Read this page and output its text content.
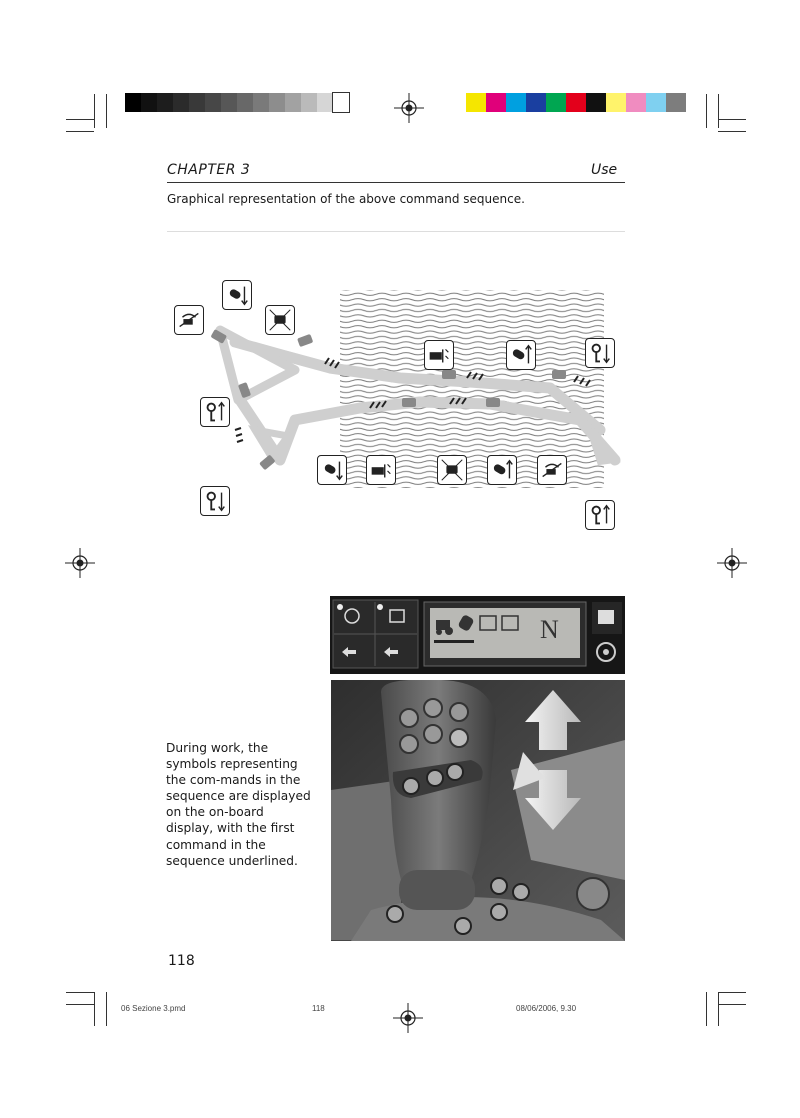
CHAPTER 3	Use
Graphical representation of the above command sequence.
N
During work, the symbols representing the com-mands in the sequence are displayed on the on-board display, with the first command in the sequence underlined.
118
06 Sezione 3.pmd	118	08/06/2006, 9.30
